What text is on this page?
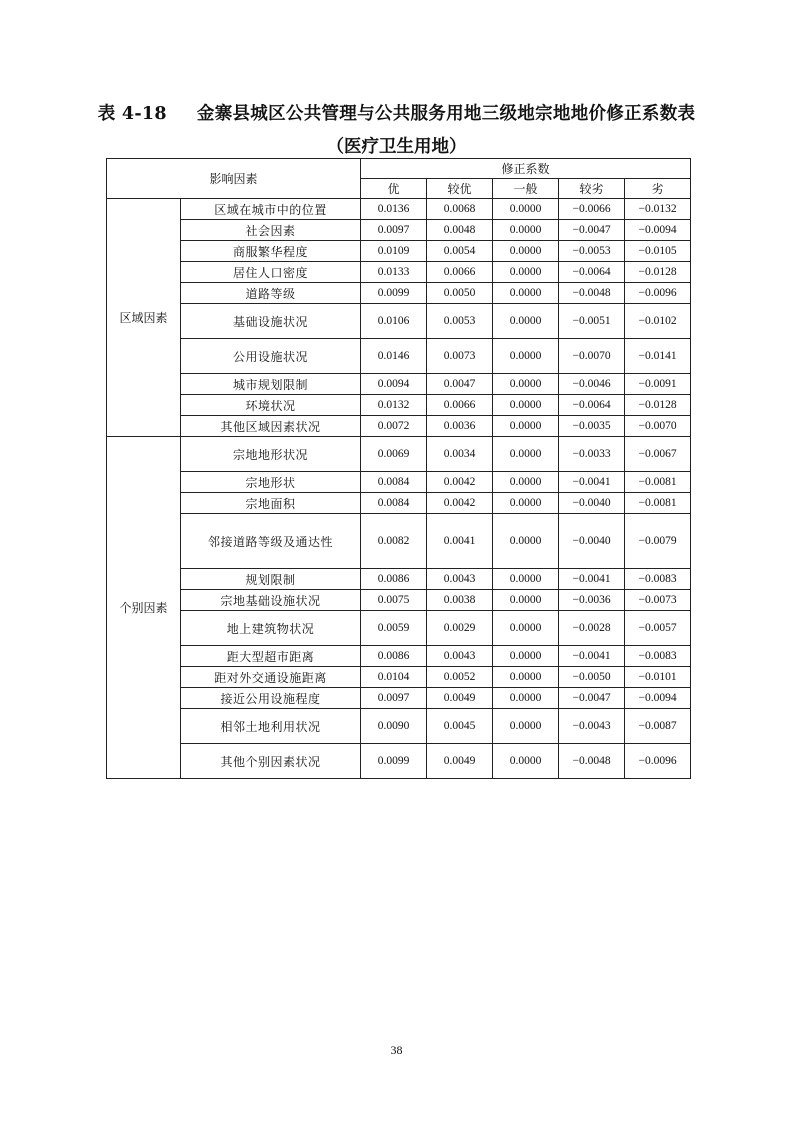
表 4-18 金寨县城区公共管理与公共服务用地三级地宗地地价修正系数表
（医疗卫生用地）
影响因素		修正系数				
		优	较优	一般	较劣	劣
区域因素	区域在城市中的位置	0.0136	0.0068	0.0000	−0.0066	−0.0132
	社会因素	0.0097	0.0048	0.0000	−0.0047	−0.0094
	商服繁华程度	0.0109	0.0054	0.0000	−0.0053	−0.0105
	居住人口密度	0.0133	0.0066	0.0000	−0.0064	−0.0128
	道路等级	0.0099	0.0050	0.0000	−0.0048	−0.0096
	基础设施状况	0.0106	0.0053	0.0000	−0.0051	−0.0102
	公用设施状况	0.0146	0.0073	0.0000	−0.0070	−0.0141
	城市规划限制	0.0094	0.0047	0.0000	−0.0046	−0.0091
	环境状况	0.0132	0.0066	0.0000	−0.0064	−0.0128
	其他区域因素状况	0.0072	0.0036	0.0000	−0.0035	−0.0070
个别因素	宗地地形状况	0.0069	0.0034	0.0000	−0.0033	−0.0067
	宗地形状	0.0084	0.0042	0.0000	−0.0041	−0.0081
	宗地面积	0.0084	0.0042	0.0000	−0.0040	−0.0081
	邻接道路等级及通达性	0.0082	0.0041	0.0000	−0.0040	−0.0079
	规划限制	0.0086	0.0043	0.0000	−0.0041	−0.0083
	宗地基础设施状况	0.0075	0.0038	0.0000	−0.0036	−0.0073
	地上建筑物状况	0.0059	0.0029	0.0000	−0.0028	−0.0057
	距大型超市距离	0.0086	0.0043	0.0000	−0.0041	−0.0083
	距对外交通设施距离	0.0104	0.0052	0.0000	−0.0050	−0.0101
	接近公用设施程度	0.0097	0.0049	0.0000	−0.0047	−0.0094
	相邻土地利用状况	0.0090	0.0045	0.0000	−0.0043	−0.0087
	其他个别因素状况	0.0099	0.0049	0.0000	−0.0048	−0.0096
38
